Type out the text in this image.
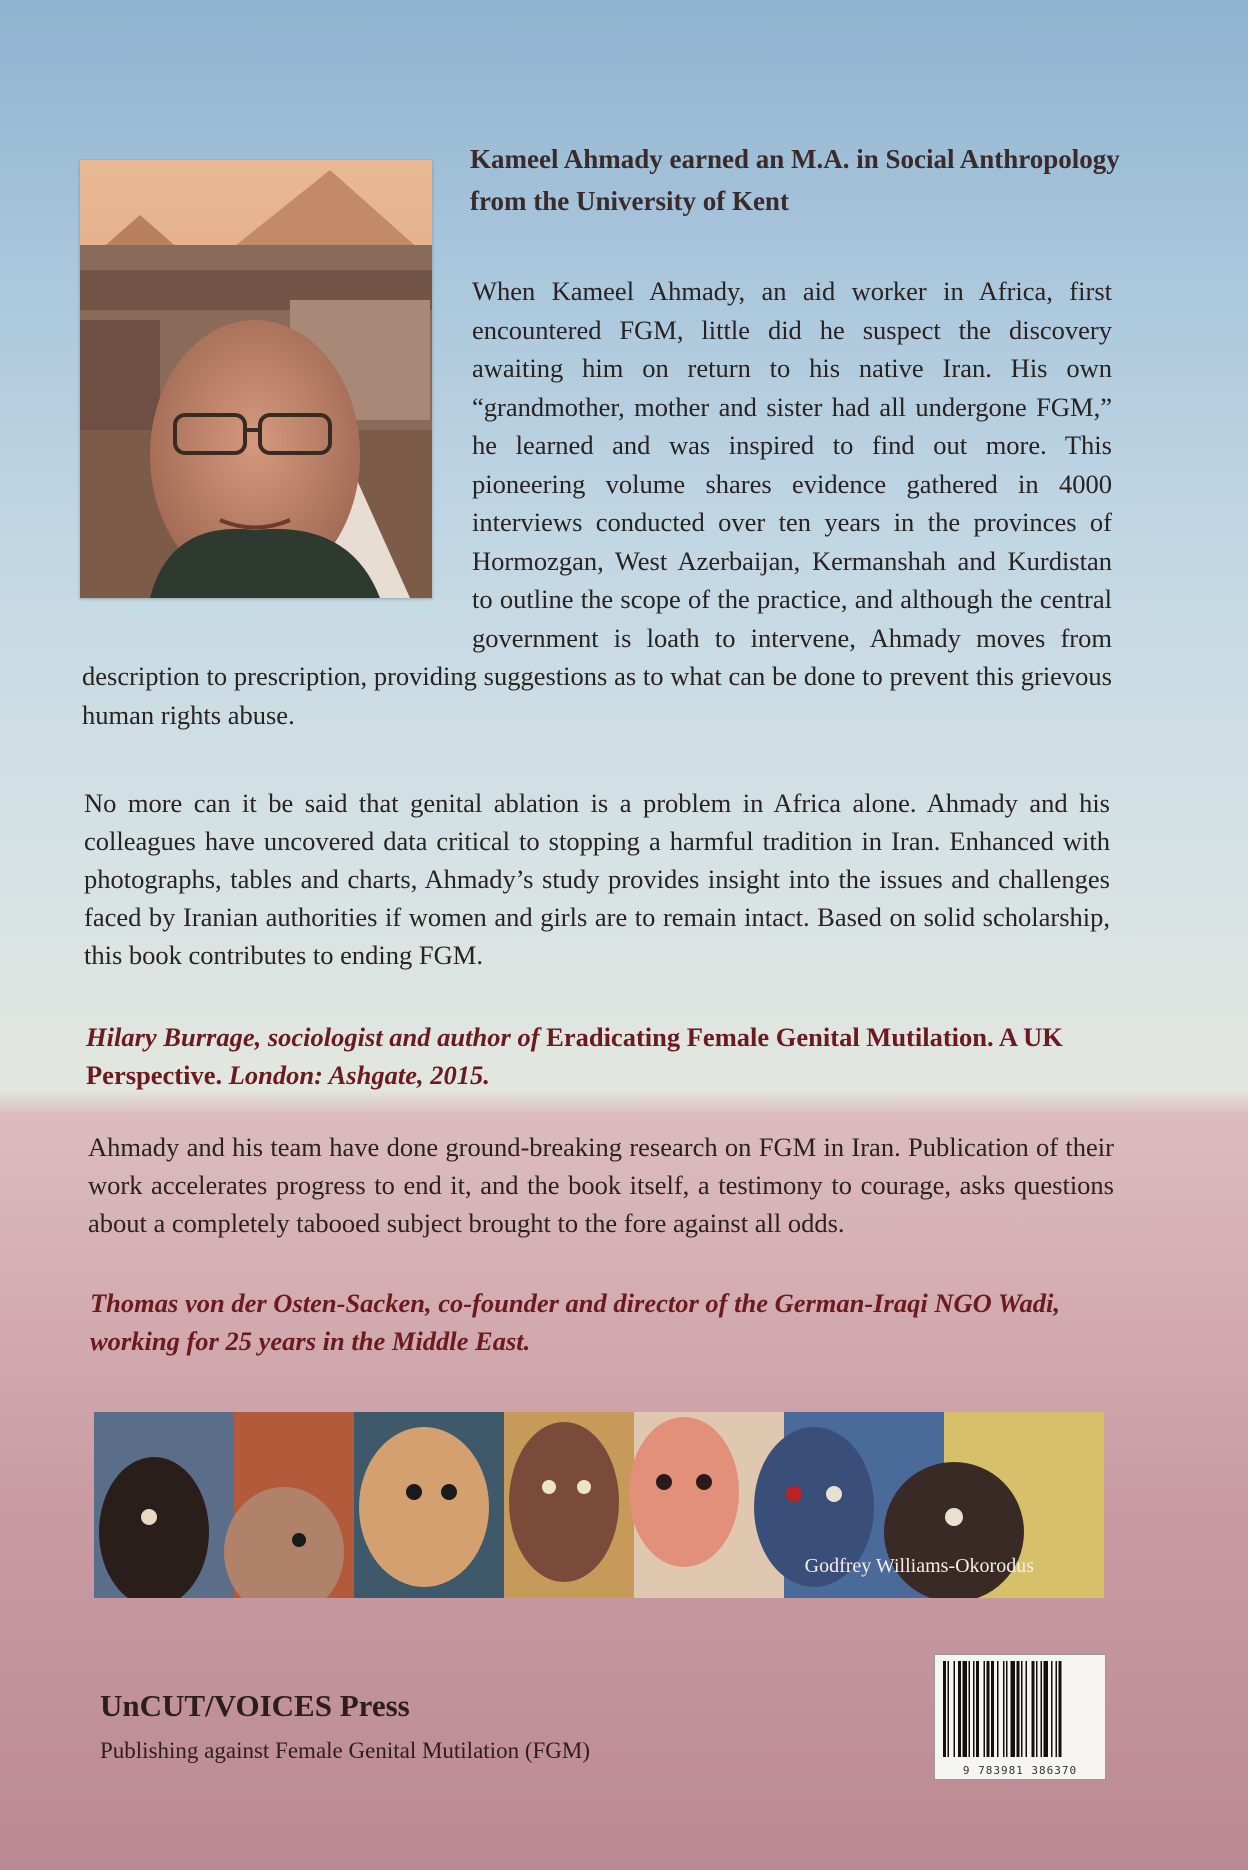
Kameel Ahmady earned an M.A. in Social Anthropology from the University of Kent
When Kameel Ahmady, an aid worker in Africa, first encountered FGM, little did he suspect the discovery awaiting him on return to his native Iran. His own “grandmother, mother and sister had all undergone FGM,” he learned and was inspired to find out more. This pioneering volume shares evidence gathered in 4000 interviews conducted over ten years in the provinces of Hormozgan, West Azerbaijan, Kermanshah and Kurdistan to outline the scope of the practice, and although the central government is loath to intervene, Ahmady moves from description to prescription, providing suggestions as to what can be done to prevent this grievous human rights abuse.
No more can it be said that genital ablation is a problem in Africa alone. Ahmady and his colleagues have uncovered data critical to stopping a harmful tradition in Iran. Enhanced with photographs, tables and charts, Ahmady’s study provides insight into the issues and challenges faced by Iranian authorities if women and girls are to remain intact. Based on solid scholarship, this book contributes to ending FGM.
Hilary Burrage, sociologist and author of Eradicating Female Genital Mutilation. A UK Perspective. London: Ashgate, 2015.
Ahmady and his team have done ground-breaking research on FGM in Iran. Publication of their work accelerates progress to end it, and the book itself, a testimony to courage, asks questions about a completely tabooed subject brought to the fore against all odds.
Thomas von der Osten-Sacken, co-founder and director of the German-Iraqi NGO Wadi, working for 25 years in the Middle East.
Godfrey Williams-Okorodus
UnCUT/VOICES Press
Publishing against Female Genital Mutilation (FGM)
9 783981 386370
